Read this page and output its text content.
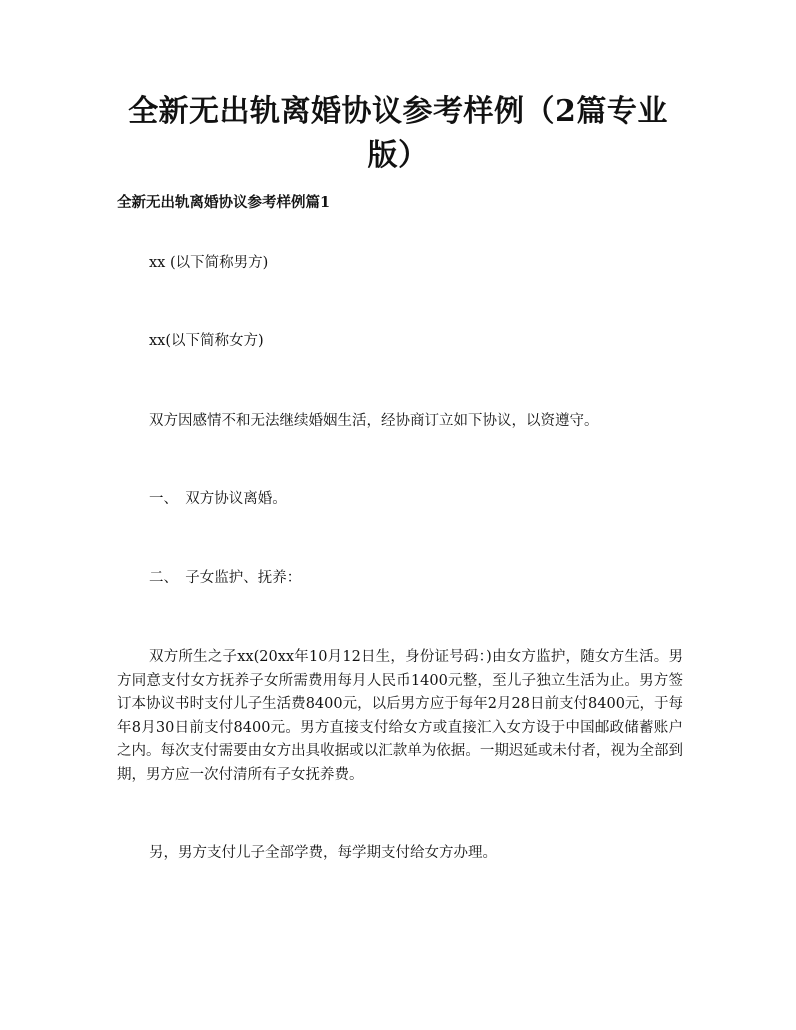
全新无出轨离婚协议参考样例（2篇专业版）
全新无出轨离婚协议参考样例篇1

xx (以下简称男方)

xx(以下简称女方)

双方因感情不和无法继续婚姻生活，经协商订立如下协议，以资遵守。

一、　双方协议离婚。

二、　子女监护、抚养：

双方所生之子xx(20xx年10月12日生，身份证号码：)由女方监护，随女方生活。男方同意支付女方抚养子女所需费用每月人民币1400元整，至儿子独立生活为止。男方签订本协议书时支付儿子生活费8400元，以后男方应于每年2月28日前支付8400元，于每年8月30日前支付8400元。男方直接支付给女方或直接汇入女方设于中国邮政储蓄账户之内。每次支付需要由女方出具收据或以汇款单为依据。一期迟延或未付者，视为全部到期，男方应一次付清所有子女抚养费。

另，男方支付儿子全部学费，每学期支付给女方办理。
